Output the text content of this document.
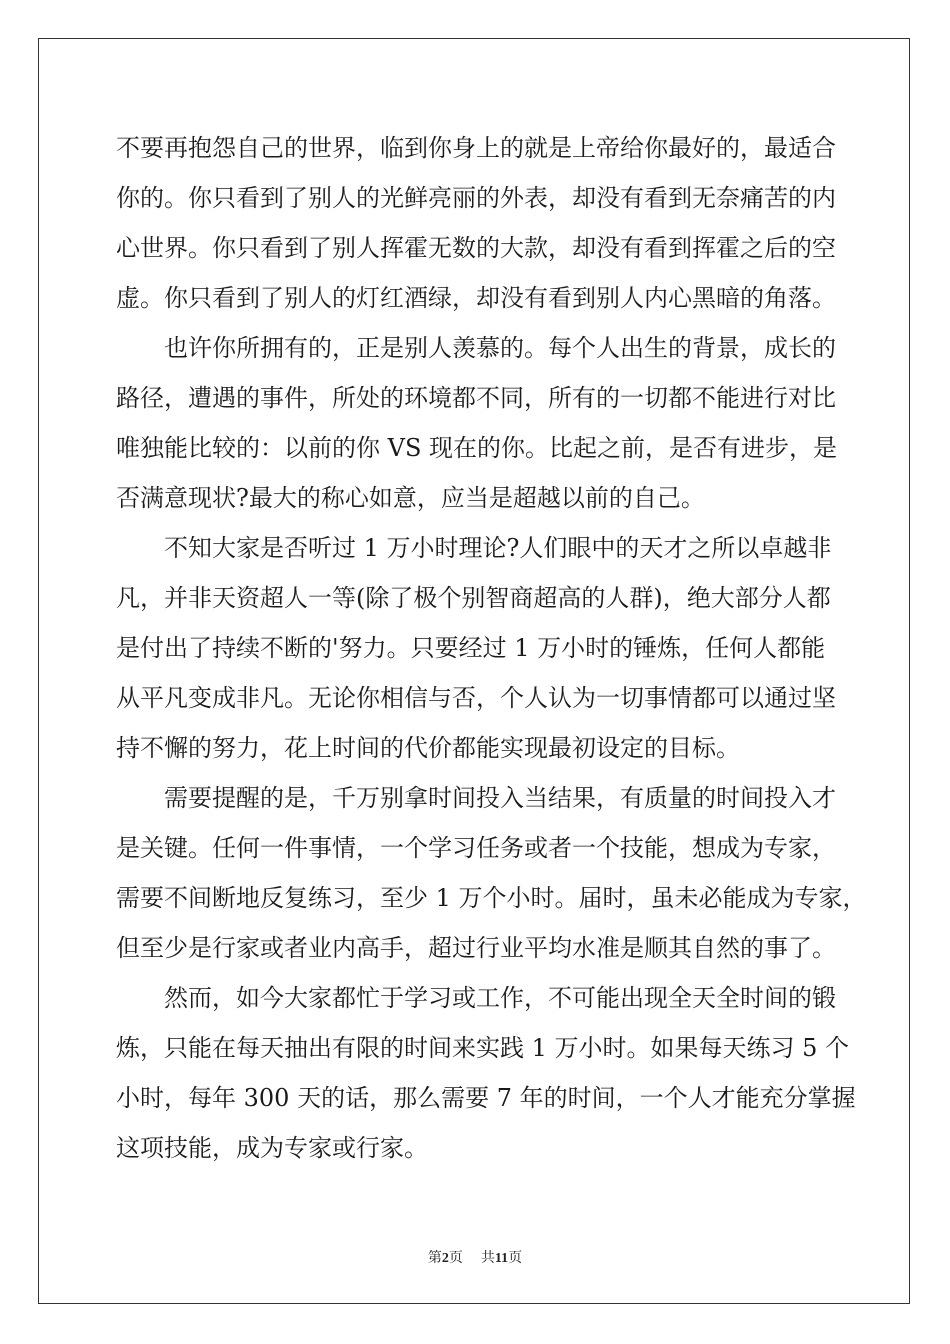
不要再抱怨自己的世界，临到你身上的就是上帝给你最好的，最适合
你的。你只看到了别人的光鲜亮丽的外表，却没有看到无奈痛苦的内
心世界。你只看到了别人挥霍无数的大款，却没有看到挥霍之后的空
虚。你只看到了别人的灯红酒绿，却没有看到别人内心黑暗的角落。
也许你所拥有的，正是别人羡慕的。每个人出生的背景，成长的
路径，遭遇的事件，所处的环境都不同，所有的一切都不能进行对比
唯独能比较的：以前的你 VS 现在的你。比起之前，是否有进步，是
否满意现状?最大的称心如意，应当是超越以前的自己。
不知大家是否听过 1 万小时理论?人们眼中的天才之所以卓越非
凡，并非天资超人一等(除了极个别智商超高的人群)，绝大部分人都
是付出了持续不断的'努力。只要经过 1 万小时的锤炼，任何人都能
从平凡变成非凡。无论你相信与否，个人认为一切事情都可以通过坚
持不懈的努力，花上时间的代价都能实现最初设定的目标。
需要提醒的是，千万别拿时间投入当结果，有质量的时间投入才
是关键。任何一件事情，一个学习任务或者一个技能，想成为专家，
需要不间断地反复练习，至少 1 万个小时。届时，虽未必能成为专家，
但至少是行家或者业内高手，超过行业平均水准是顺其自然的事了。
然而，如今大家都忙于学习或工作，不可能出现全天全时间的锻
炼，只能在每天抽出有限的时间来实践 1 万小时。如果每天练习 5 个
小时，每年 300 天的话，那么需要 7 年的时间，一个人才能充分掌握
这项技能，成为专家或行家。
第2页 共11页
